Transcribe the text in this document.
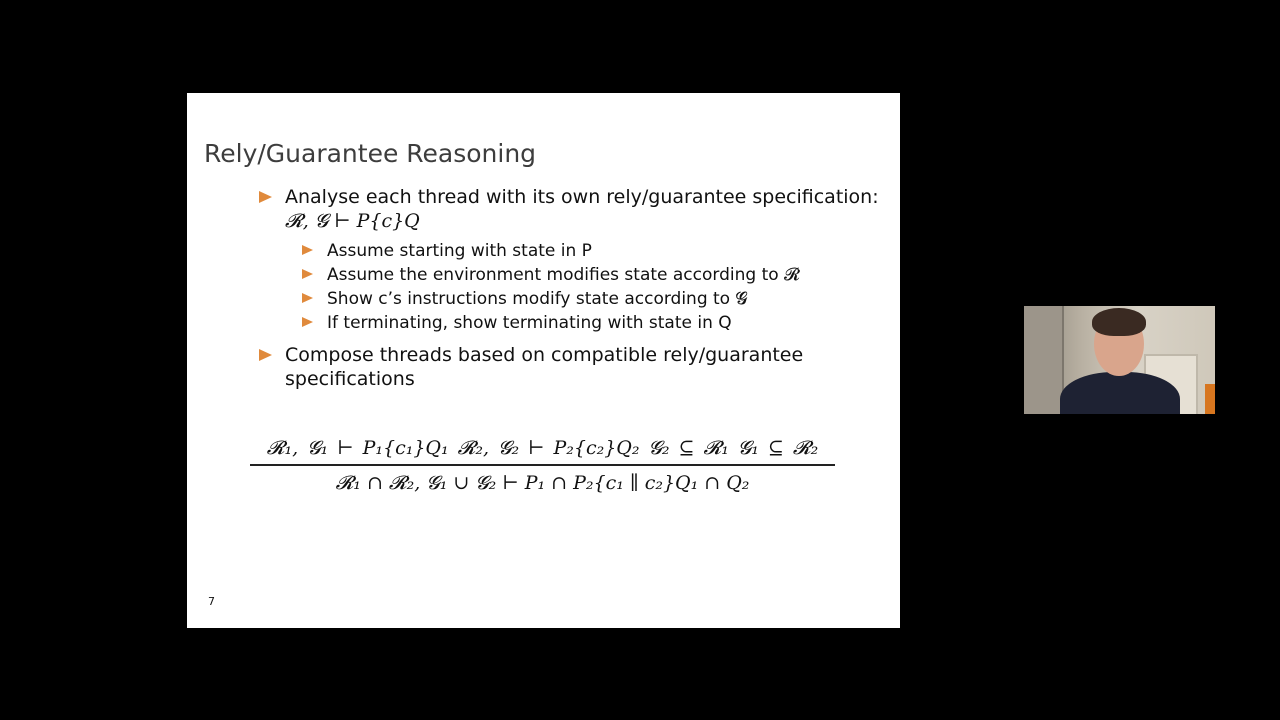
Rely/Guarantee Reasoning
Analyse each thread with its own rely/guarantee specification:
𝓡, 𝓖 ⊢ P{c}Q
Assume starting with state in P
Assume the environment modifies state according to 𝓡
Show c’s instructions modify state according to 𝓖
If terminating, show terminating with state in Q
Compose threads based on compatible rely/guarantee specifications
𝓡₁, 𝓖₁ ⊢ P₁{c₁}Q₁ 𝓡₂, 𝓖₂ ⊢ P₂{c₂}Q₂ 𝓖₂ ⊆ 𝓡₁ 𝓖₁ ⊆ 𝓡₂
𝓡₁ ∩ 𝓡₂, 𝓖₁ ∪ 𝓖₂ ⊢ P₁ ∩ P₂{c₁ ∥ c₂}Q₁ ∩ Q₂
7
